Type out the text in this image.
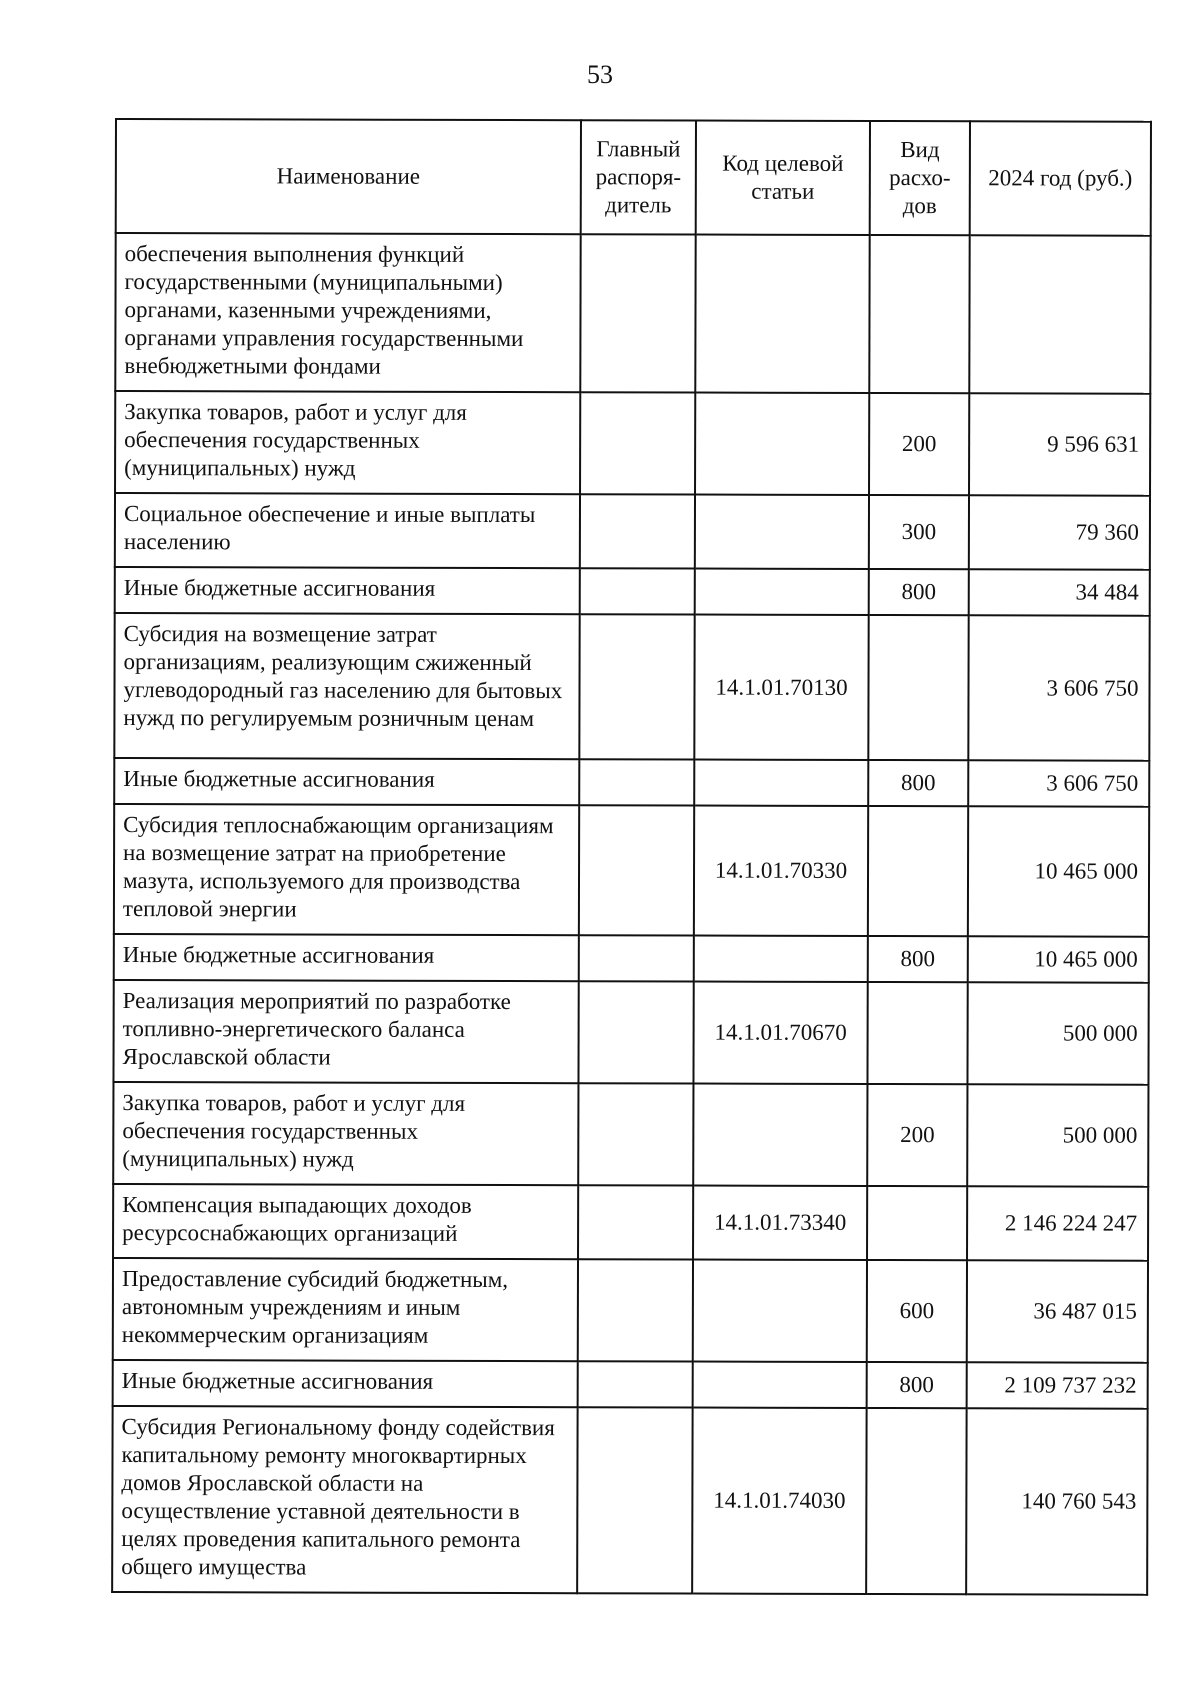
53
Наименование	Главный распоря-дитель	Код целевой статьи	Вид расхо-дов	2024 год (руб.)
обеспечения выполнения функций государственными (муниципальными) органами, казенными учреждениями, органами управления государственными внебюджетными фондами				
Закупка товаров, работ и услуг для обеспечения государственных (муниципальных) нужд			200	9 596 631
Социальное обеспечение и иные выплаты населению			300	79 360
Иные бюджетные ассигнования			800	34 484
Субсидия на возмещение затрат организациям, реализующим сжиженный углеводородный газ населению для бытовых нужд по регулируемым розничным ценам		14.1.01.70130		3 606 750
Иные бюджетные ассигнования			800	3 606 750
Субсидия теплоснабжающим организациям на возмещение затрат на приобретение мазута, используемого для производства тепловой энергии		14.1.01.70330		10 465 000
Иные бюджетные ассигнования			800	10 465 000
Реализация мероприятий по разработке топливно-энергетического баланса Ярославской области		14.1.01.70670		500 000
Закупка товаров, работ и услуг для обеспечения государственных (муниципальных) нужд			200	500 000
Компенсация выпадающих доходов ресурсоснабжающих организаций		14.1.01.73340		2 146 224 247
Предоставление субсидий бюджетным, автономным учреждениям и иным некоммерческим организациям			600	36 487 015
Иные бюджетные ассигнования			800	2 109 737 232
Субсидия Региональному фонду содействия капитальному ремонту многоквартирных домов Ярославской области на осуществление уставной деятельности в целях проведения капитального ремонта общего имущества		14.1.01.74030		140 760 543
